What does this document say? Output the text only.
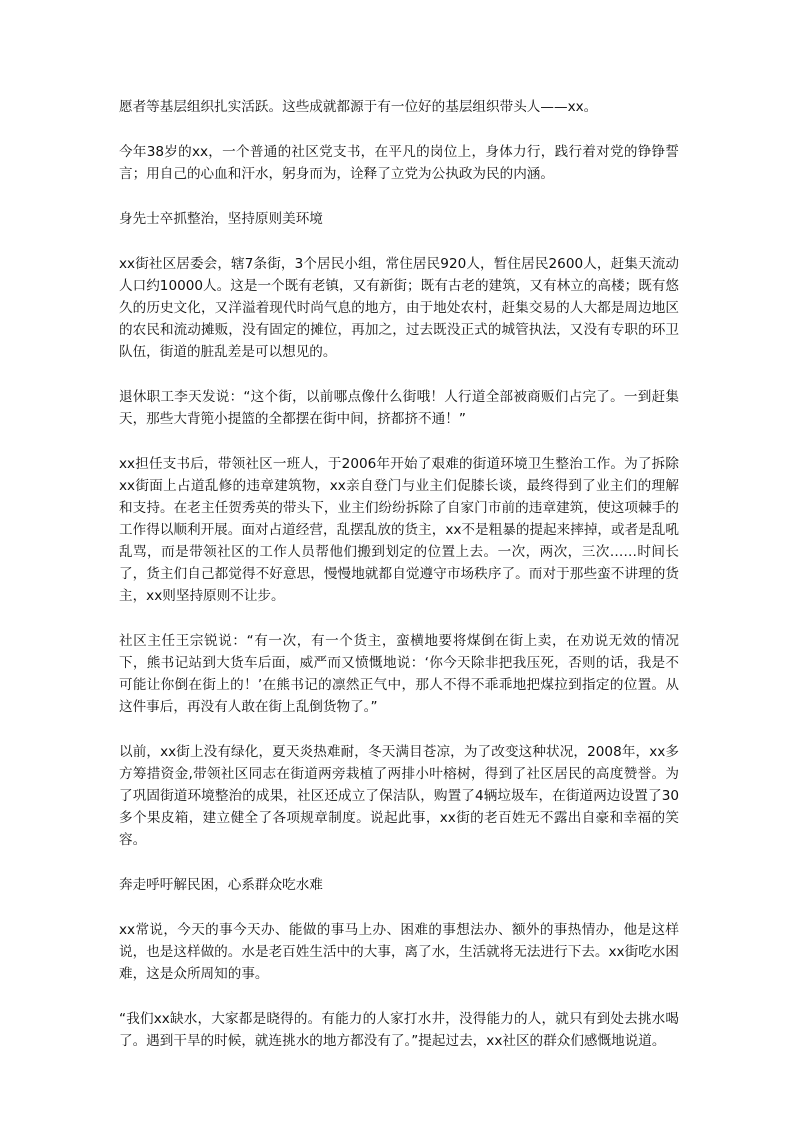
愿者等基层组织扎实活跃。这些成就都源于有一位好的基层组织带头人——xx。

今年38岁的xx，一个普通的社区党支书，在平凡的岗位上，身体力行，践行着对党的铮铮誓言；用自己的心血和汗水，躬身而为，诠释了立党为公执政为民的内涵。

身先士卒抓整治，坚持原则美环境

xx街社区居委会，辖7条街，3个居民小组，常住居民920人，暂住居民2600人，赶集天流动人口约10000人。这是一个既有老镇，又有新街；既有古老的建筑，又有林立的高楼；既有悠久的历史文化，又洋溢着现代时尚气息的地方，由于地处农村，赶集交易的人大都是周边地区的农民和流动摊贩，没有固定的摊位，再加之，过去既没正式的城管执法，又没有专职的环卫队伍，街道的脏乱差是可以想见的。

退休职工李天发说：“这个街，以前哪点像什么街哦！人行道全部被商贩们占完了。一到赶集天，那些大背篼小提篮的全都摆在街中间，挤都挤不通！”

xx担任支书后，带领社区一班人，于2006年开始了艰难的街道环境卫生整治工作。为了拆除xx街面上占道乱修的违章建筑物，xx亲自登门与业主们促膝长谈，最终得到了业主们的理解和支持。在老主任贺秀英的带头下，业主们纷纷拆除了自家门市前的违章建筑，使这项棘手的工作得以顺利开展。面对占道经营，乱摆乱放的货主，xx不是粗暴的提起来摔掉，或者是乱吼乱骂，而是带领社区的工作人员帮他们搬到划定的位置上去。一次，两次，三次……时间长了，货主们自己都觉得不好意思，慢慢地就都自觉遵守市场秩序了。而对于那些蛮不讲理的货主，xx则坚持原则不让步。

社区主任王宗锐说：“有一次，有一个货主，蛮横地要将煤倒在街上卖，在劝说无效的情况下，熊书记站到大货车后面，威严而又愤慨地说：‘你今天除非把我压死，否则的话，我是不可能让你倒在街上的！’在熊书记的凛然正气中，那人不得不乖乖地把煤拉到指定的位置。从这件事后，再没有人敢在街上乱倒货物了。”

以前，xx街上没有绿化，夏天炎热难耐，冬天满目苍凉，为了改变这种状况，2008年，xx多方筹措资金,带领社区同志在街道两旁栽植了两排小叶榕树，得到了社区居民的高度赞誉。为了巩固街道环境整治的成果，社区还成立了保洁队，购置了4辆垃圾车，在街道两边设置了30多个果皮箱，建立健全了各项规章制度。说起此事，xx街的老百姓无不露出自豪和幸福的笑容。

奔走呼吁解民困，心系群众吃水难

xx常说，今天的事今天办、能做的事马上办、困难的事想法办、额外的事热情办，他是这样说，也是这样做的。水是老百姓生活中的大事，离了水，生活就将无法进行下去。xx街吃水困难，这是众所周知的事。

“我们xx缺水，大家都是晓得的。有能力的人家打水井，没得能力的人，就只有到处去挑水喝了。遇到干旱的时候，就连挑水的地方都没有了。”提起过去，xx社区的群众们感慨地说道。
